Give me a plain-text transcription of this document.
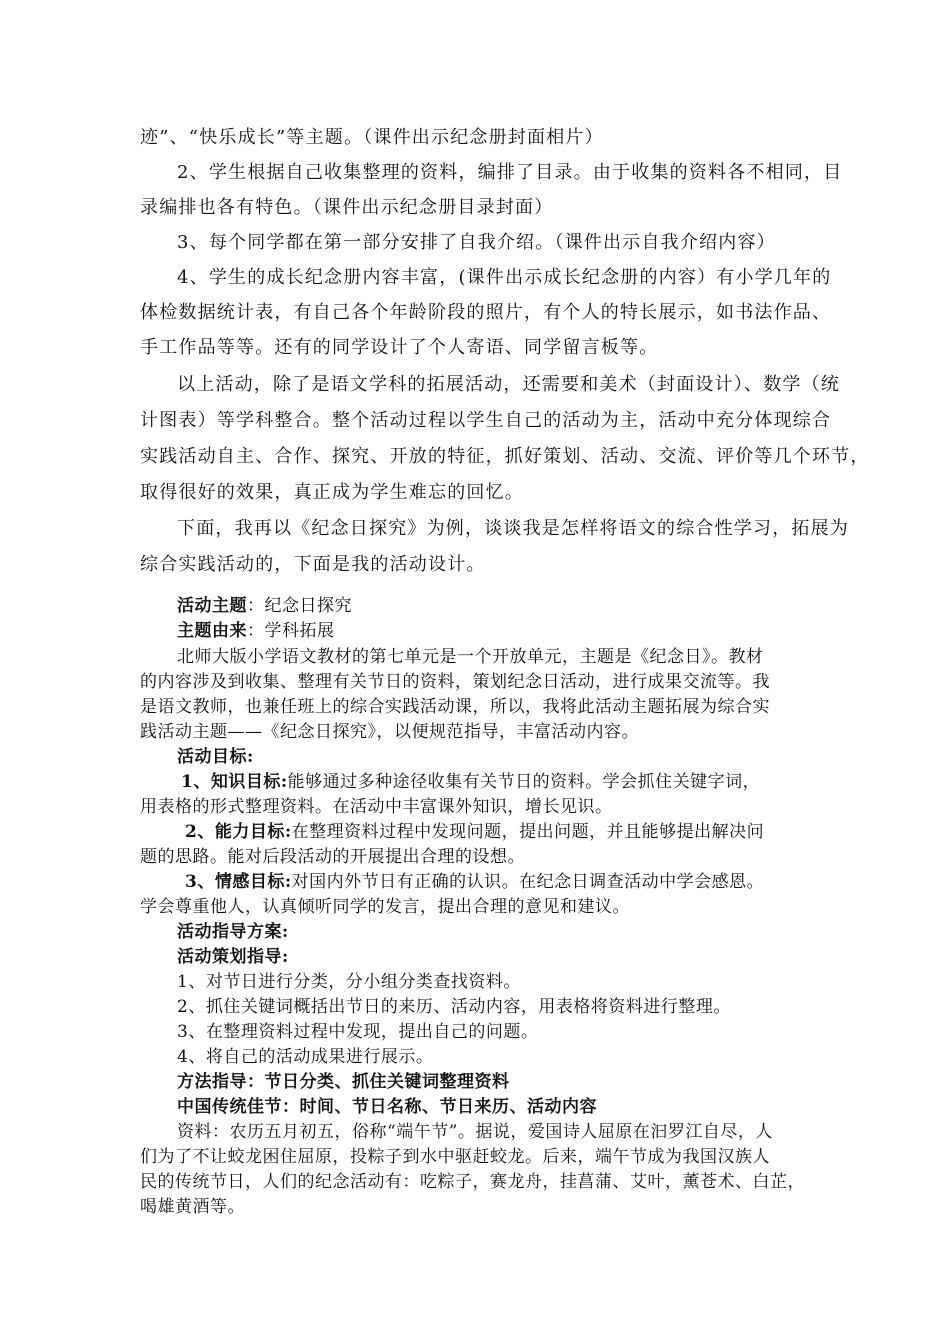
迹”、“快乐成长”等主题。（课件出示纪念册封面相片）
2、学生根据自己收集整理的资料，编排了目录。由于收集的资料各不相同，目
录编排也各有特色。（课件出示纪念册目录封面）
3、每个同学都在第一部分安排了自我介绍。（课件出示自我介绍内容）
4、学生的成长纪念册内容丰富，(课件出示成长纪念册的内容）有小学几年的
体检数据统计表，有自己各个年龄阶段的照片，有个人的特长展示，如书法作品、
手工作品等等。还有的同学设计了个人寄语、同学留言板等。
以上活动，除了是语文学科的拓展活动，还需要和美术（封面设计）、数学（统
计图表）等学科整合。整个活动过程以学生自己的活动为主，活动中充分体现综合
实践活动自主、合作、探究、开放的特征，抓好策划、活动、交流、评价等几个环节，
取得很好的效果，真正成为学生难忘的回忆。
下面，我再以《纪念日探究》为例，谈谈我是怎样将语文的综合性学习，拓展为
综合实践活动的，下面是我的活动设计。
活动主题：纪念日探究
主题由来：学科拓展
北师大版小学语文教材的第七单元是一个开放单元，主题是《纪念日》。教材
的内容涉及到收集、整理有关节日的资料，策划纪念日活动，进行成果交流等。我
是语文教师，也兼任班上的综合实践活动课，所以，我将此活动主题拓展为综合实
践活动主题——《纪念日探究》，以便规范指导，丰富活动内容。
活动目标:
1、知识目标:能够通过多种途径收集有关节日的资料。学会抓住关键字词，
用表格的形式整理资料。在活动中丰富课外知识，增长见识。
2、能力目标:在整理资料过程中发现问题，提出问题，并且能够提出解决问
题的思路。能对后段活动的开展提出合理的设想。
3、情感目标:对国内外节日有正确的认识。在纪念日调查活动中学会感恩。
学会尊重他人，认真倾听同学的发言，提出合理的意见和建议。
活动指导方案:
活动策划指导:
1、对节日进行分类，分小组分类查找资料。
2、抓住关键词概括出节日的来历、活动内容，用表格将资料进行整理。
3、在整理资料过程中发现，提出自己的问题。
4、将自己的活动成果进行展示。
方法指导：节日分类、抓住关键词整理资料
中国传统佳节：时间、节日名称、节日来历、活动内容
资料：农历五月初五，俗称“端午节”。据说，爱国诗人屈原在汩罗江自尽，人
们为了不让蛟龙困住屈原，投粽子到水中驱赶蛟龙。后来，端午节成为我国汉族人
民的传统节日，人们的纪念活动有：吃粽子，赛龙舟，挂菖蒲、艾叶，薰苍术、白芷，
喝雄黄酒等。
